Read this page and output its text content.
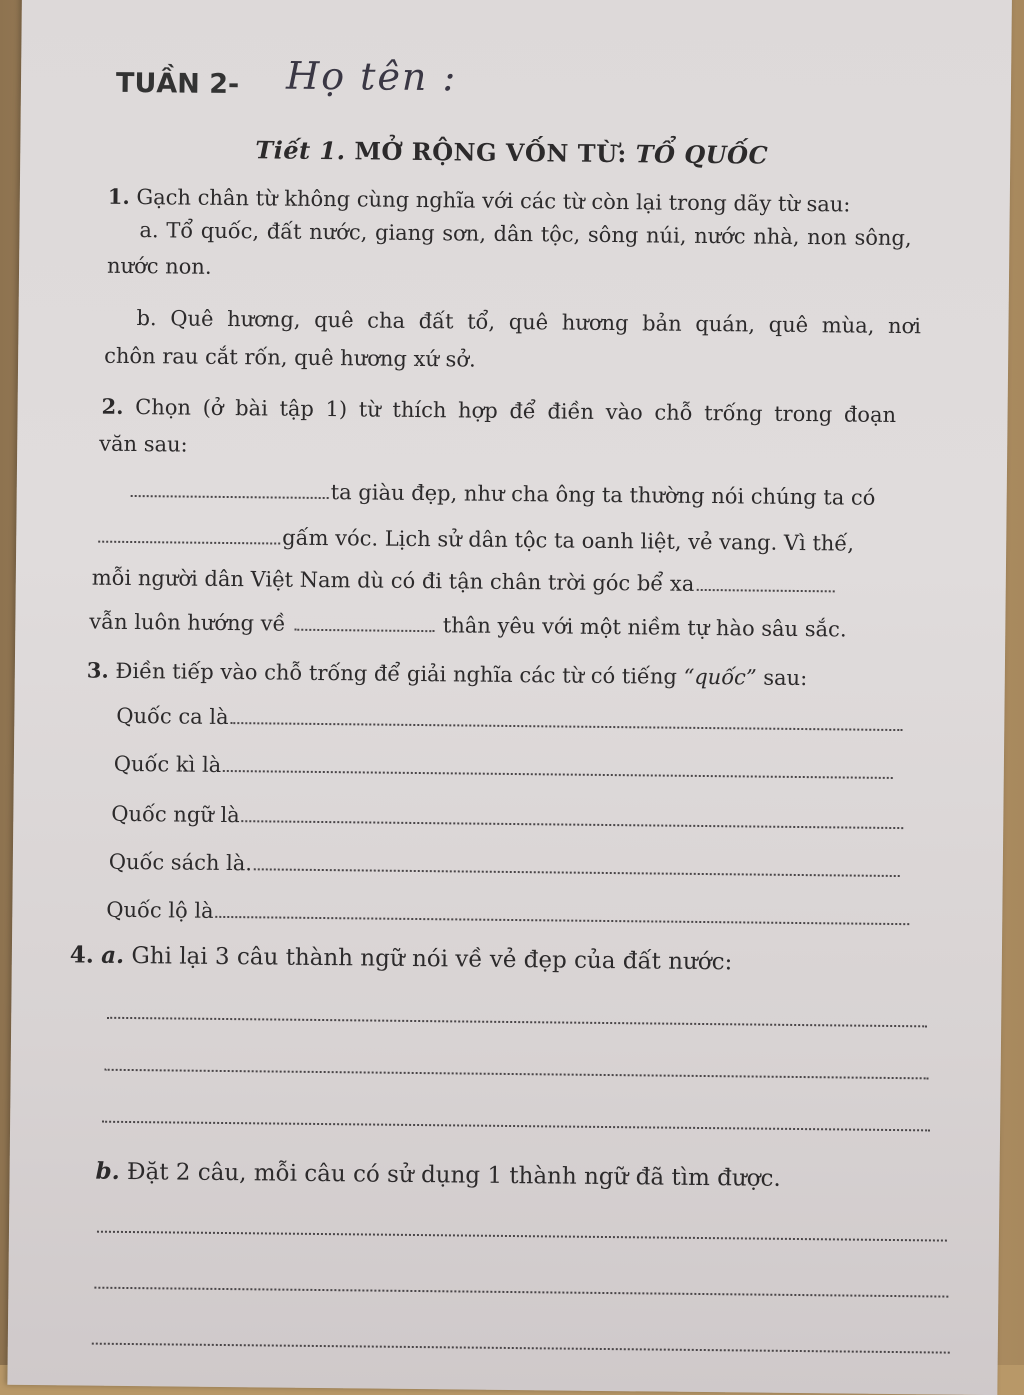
TUẦN 2- Họ tên :
Tiết 1. MỞ RỘNG VỐN TỪ: TỔ QUỐC
1. Gạch chân từ không cùng nghĩa với các từ còn lại trong dãy từ sau:
a. Tổ quốc, đất nước, giang sơn, dân tộc, sông núi, nước nhà, non sông,
nước non.
b. Quê hương, quê cha đất tổ, quê hương bản quán, quê mùa, nơi
chôn rau cắt rốn, quê hương xứ sở.
2. Chọn (ở bài tập 1) từ thích hợp để điền vào chỗ trống trong đoạn
văn sau:
ta giàu đẹp, như cha ông ta thường nói chúng ta có
gấm vóc. Lịch sử dân tộc ta oanh liệt, vẻ vang. Vì thế,
mỗi người dân Việt Nam dù có đi tận chân trời góc bể xa
vẫn luôn hướng về	thân yêu với một niềm tự hào sâu sắc.
3. Điền tiếp vào chỗ trống để giải nghĩa các từ có tiếng “quốc” sau:
Quốc ca là
Quốc kì là
Quốc ngữ là
Quốc sách là.
Quốc lộ là
4. a. Ghi lại 3 câu thành ngữ nói về vẻ đẹp của đất nước:
b. Đặt 2 câu, mỗi câu có sử dụng 1 thành ngữ đã tìm được.
